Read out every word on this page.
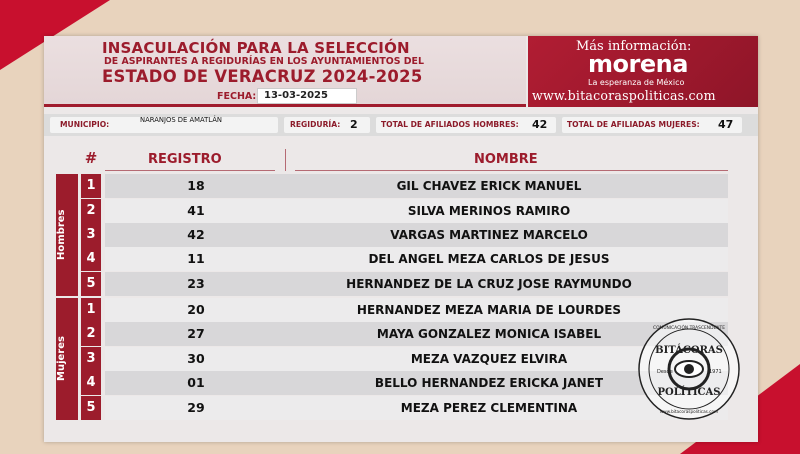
INSACULACIÓN PARA LA SELECCIÓN
DE ASPIRANTES A REGIDURÍAS EN LOS AYUNTAMIENTOS DEL
ESTADO DE VERACRUZ 2024-2025
FECHA: 13-03-2025
Más información:
morena
La esperanza de México
www.bitacoraspoliticas.com
MUNICIPIO:	NARANJOS DE AMATLÁN	REGIDURÍA: 2	TOTAL DE AFILIADOS HOMBRES: 42	TOTAL DE AFILIADAS MUJERES: 47
#	REGISTRO	NOMBRE
Hombres
Mujeres
1	18	GIL CHAVEZ ERICK MANUEL
2	41	SILVA MERINOS RAMIRO
3	42	VARGAS MARTINEZ MARCELO
4	11	DEL ANGEL MEZA CARLOS DE JESUS
5	23	HERNANDEZ DE LA CRUZ JOSE RAYMUNDO
1	20	HERNANDEZ MEZA MARIA DE LOURDES
2	27	MAYA GONZALEZ MONICA ISABEL
3	30	MEZA VAZQUEZ ELVIRA
4	01	BELLO HERNANDEZ ERICKA JANET
5	29	MEZA PEREZ CLEMENTINA
BITÁCORAS
POLÍTICAS
Desde	1971
COMUNICACIÓN TRASCENDENTE
www.bitacoraspoliticas.com
